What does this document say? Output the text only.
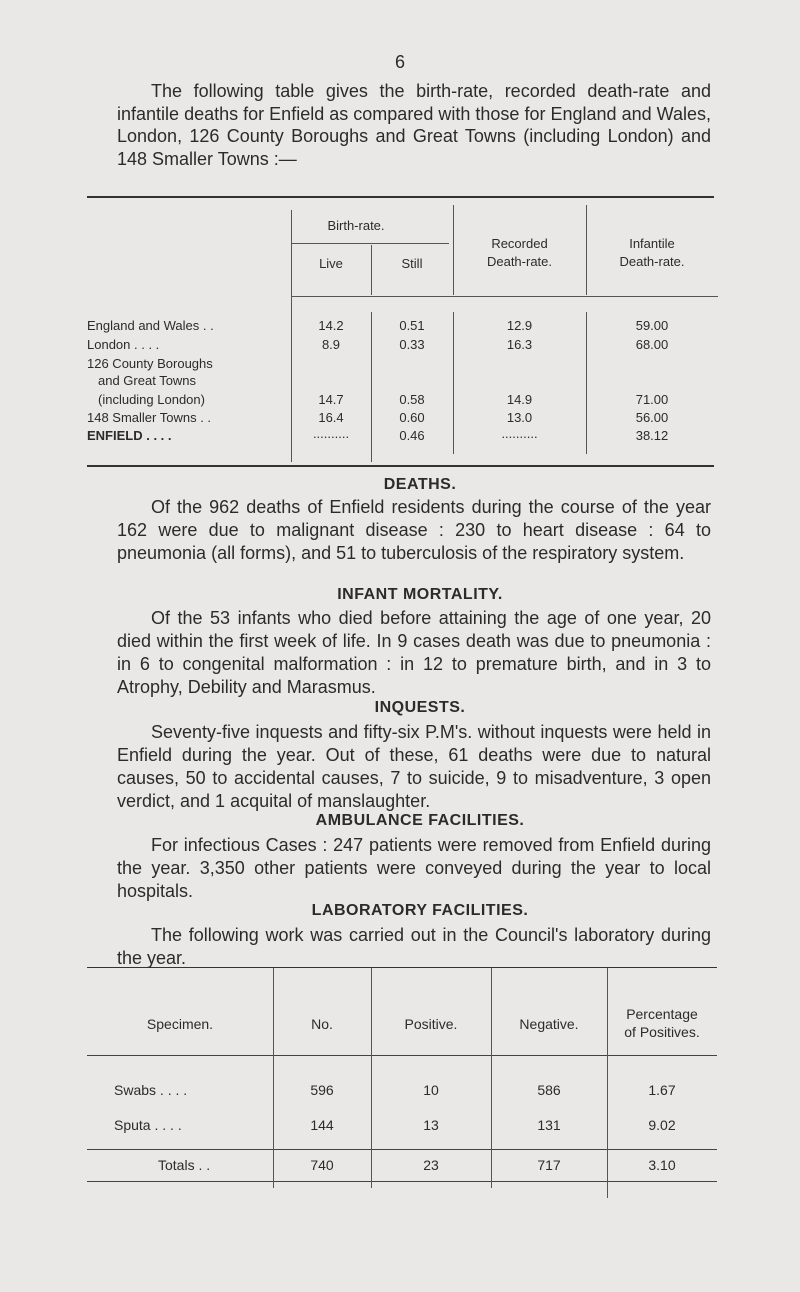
6

The following table gives the birth-rate, recorded death-rate and infantile deaths for Enfield as compared with those for England and Wales, London, 126 County Boroughs and Great Towns (including London) and 148 Smaller Towns :—

Birth-rate.
Live	Still
Recorded
Death-rate.
Infantile
Death-rate.
England and Wales . .	14.2	0.51	12.9	59.00
London . . . .	8.9	0.33	16.3	68.00
126 County Boroughs
and Great Towns
(including London)	14.7	0.58	14.9	71.00
148 Smaller Towns . .	16.4	0.60	13.0	56.00
ENFIELD . . . .	..........	0.46	..........	38.12
DEATHS.

Of the 962 deaths of Enfield residents during the course of the year 162 were due to malignant disease : 230 to heart disease : 64 to pneumonia (all forms), and 51 to tuberculosis of the respiratory system.

INFANT MORTALITY.

Of the 53 infants who died before attaining the age of one year, 20 died within the first week of life. In 9 cases death was due to pneumonia : in 6 to congenital malformation : in 12 to premature birth, and in 3 to Atrophy, Debility and Marasmus.

INQUESTS.

Seventy-five inquests and fifty-six P.M's. without inquests were held in Enfield during the year. Out of these, 61 deaths were due to natural causes, 50 to accidental causes, 7 to suicide, 9 to misadventure, 3 open verdict, and 1 acquital of manslaughter.

AMBULANCE FACILITIES.

For infectious Cases : 247 patients were removed from Enfield during the year. 3,350 other patients were conveyed during the year to local hospitals.

LABORATORY FACILITIES.

The following work was carried out in the Council's laboratory during the year.

Specimen.	No.	Positive.	Negative.
Percentage
of Positives.
Swabs . . . .	596	10	586	1.67
Sputa . . . .	144	13	131	9.02
Totals . .	740	23	717	3.10
